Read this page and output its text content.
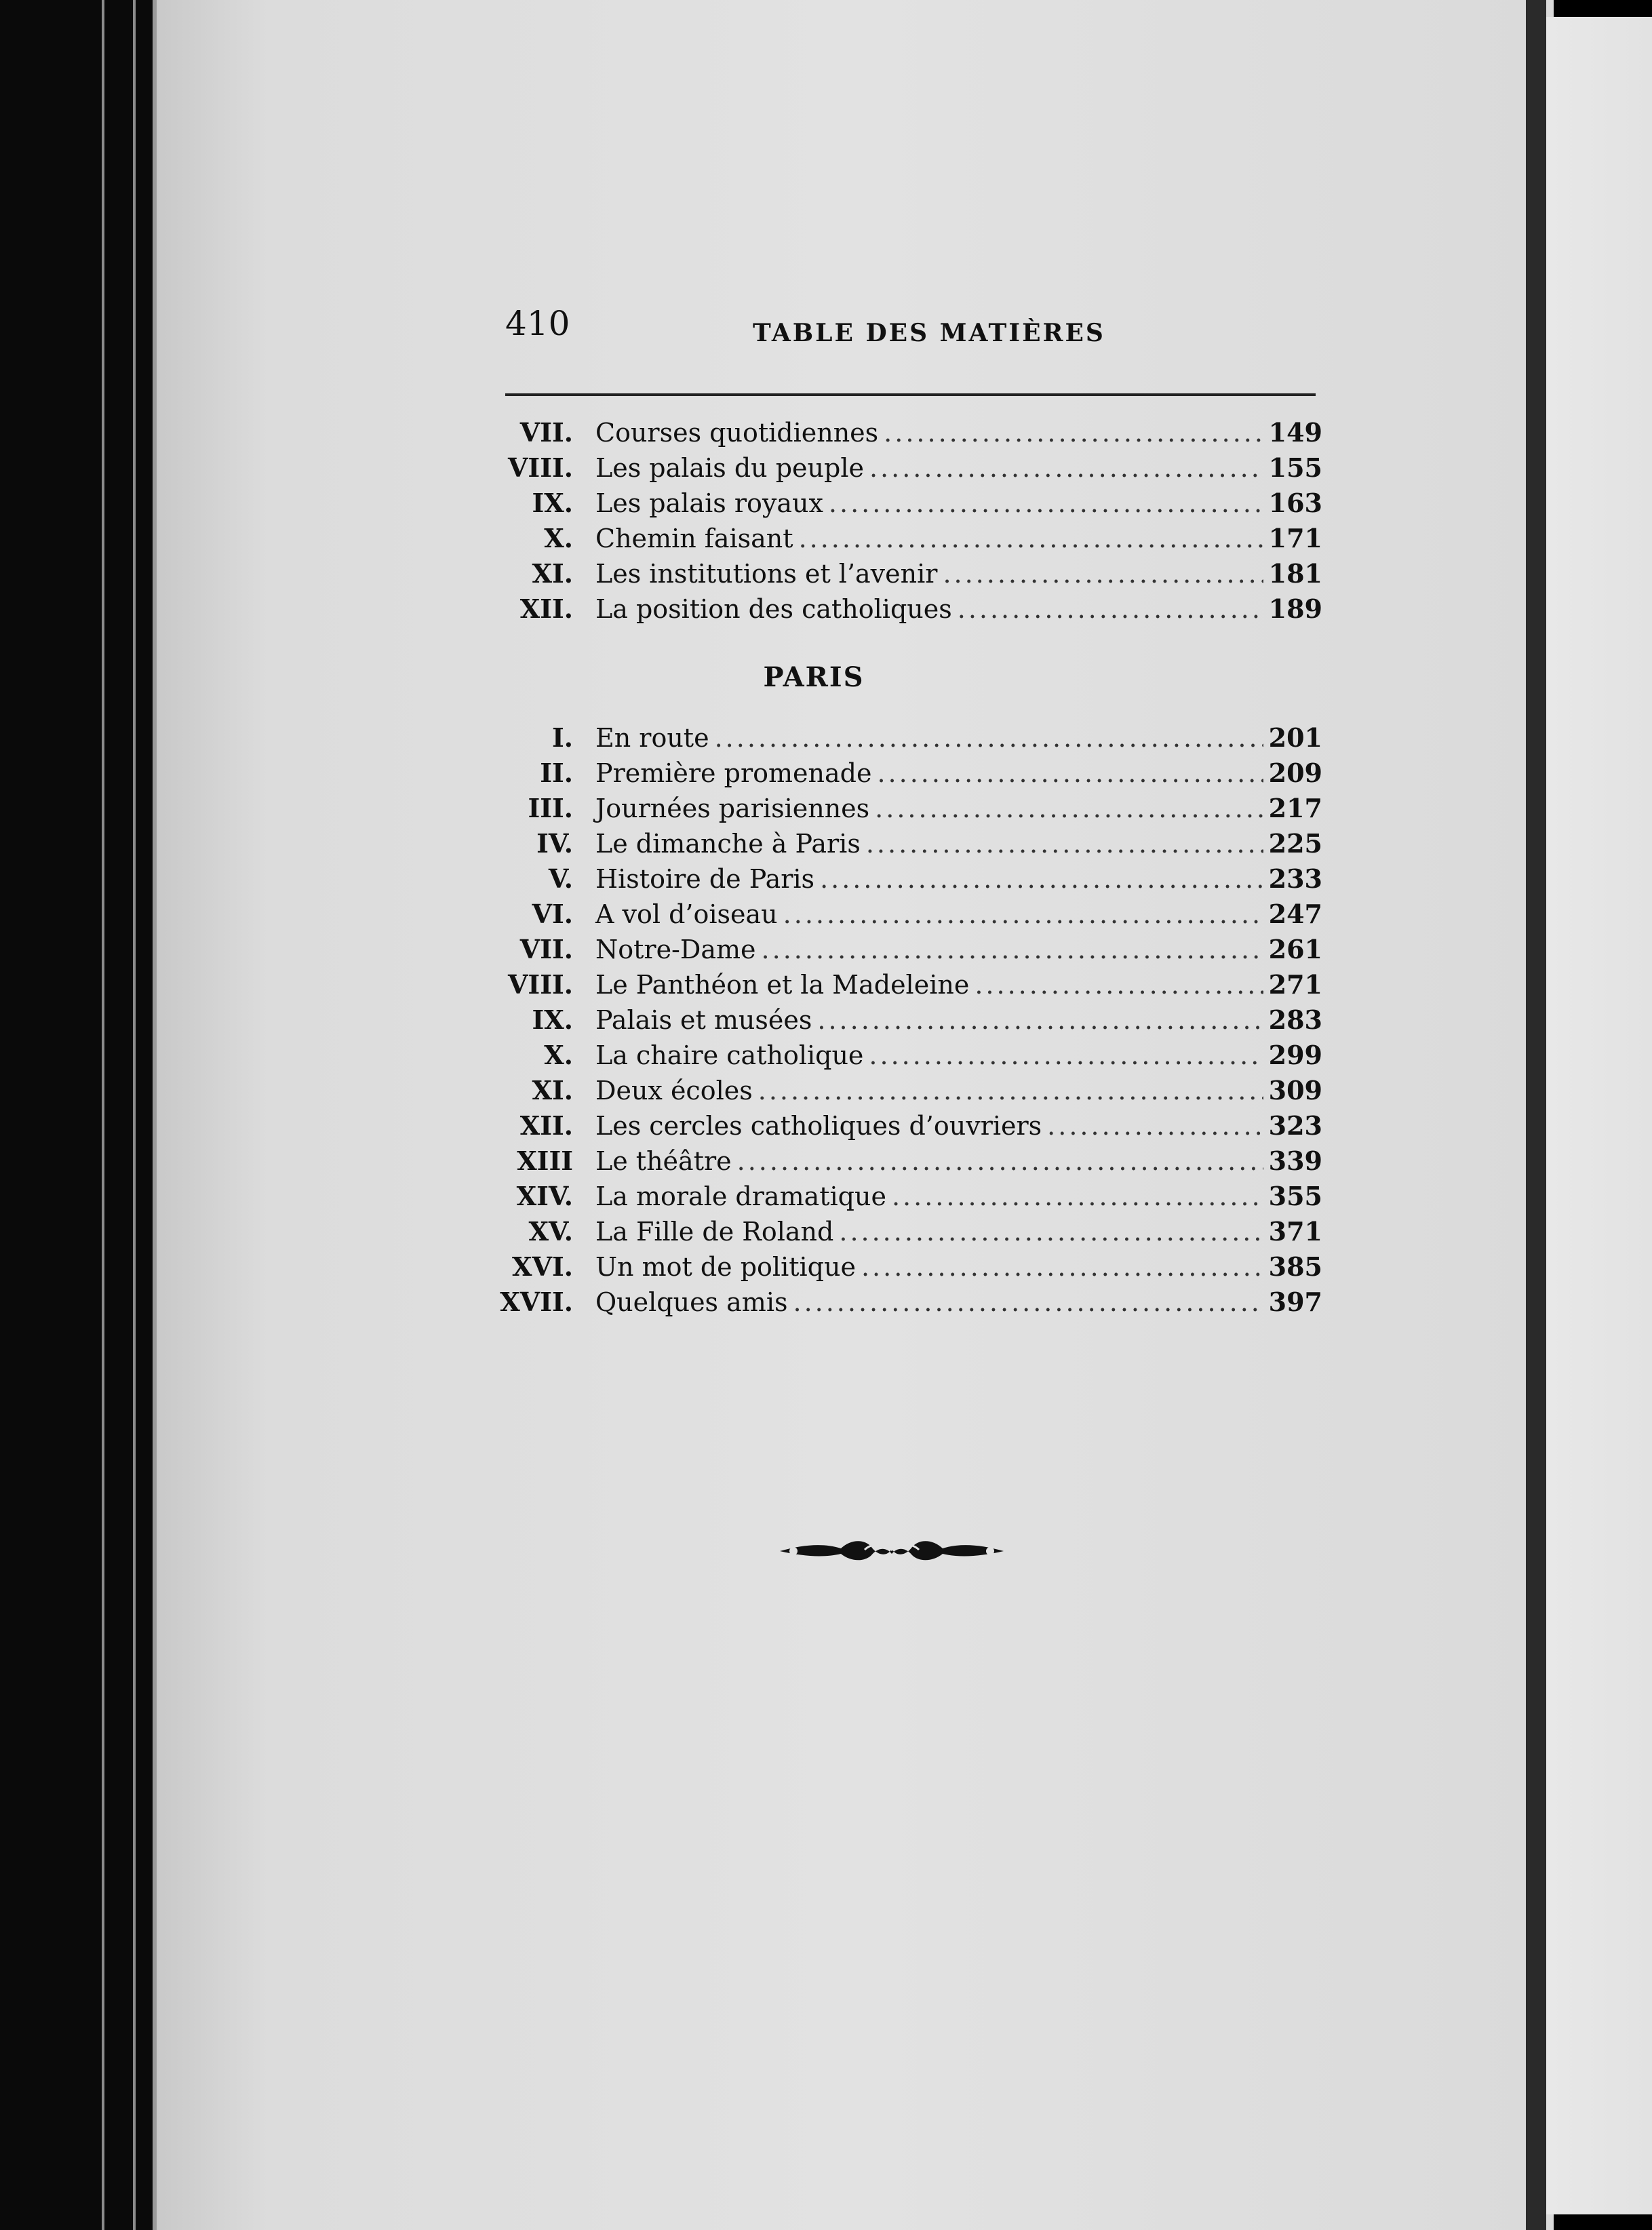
410	TABLE DES MATIÈRES
VII. Courses quotidiennes .....	149
VIII. Les palais du peuple .....	155
IX. Les palais royaux .....	163
X. Chemin faisant .....	171
XI. Les institutions et l’avenir .....	181
XII. La position des catholiques .....	189
PARIS
I. En route .....	201
II. Première promenade .....	209
III. Journées parisiennes .....	217
IV. Le dimanche à Paris .....	225
V. Histoire de Paris .....	233
VI. A vol d’oiseau .....	247
VII. Notre-Dame .....	261
VIII. Le Panthéon et la Madeleine .....	271
IX. Palais et musées .....	283
X. La chaire catholique .....	299
XI. Deux écoles .....	309
XII. Les cercles catholiques d’ouvriers .....	323
XIII Le théâtre .....	339
XIV. La morale dramatique .....	355
XV. La Fille de Roland .....	371
XVI. Un mot de politique .....	385
XVII. Quelques amis .....	397
